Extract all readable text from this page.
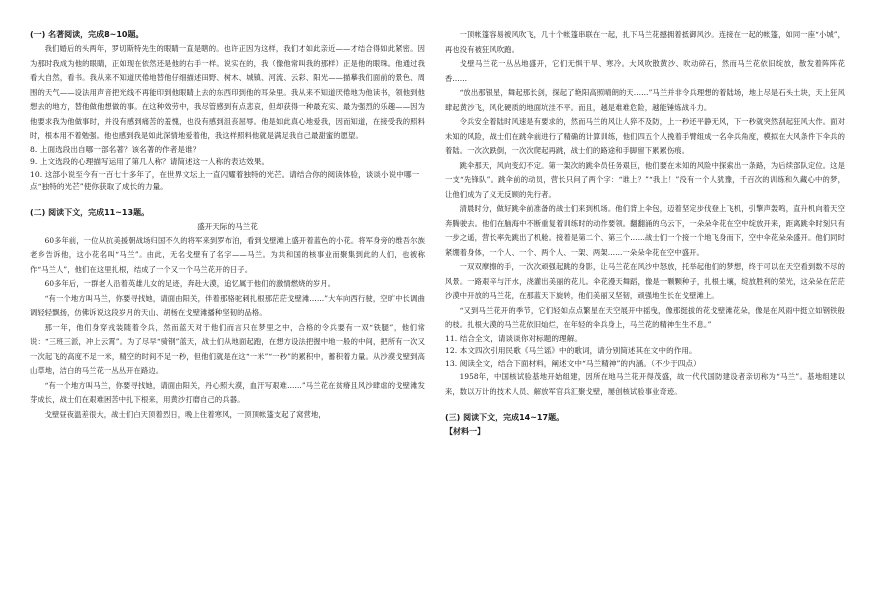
(一) 名著阅读，完成8~10题。

我们婚后的头两年，罗切斯特先生的眼睛一直是瞎的。也许正因为这样，我们才如此亲近——才结合得如此紧密。因为那时我成为他的眼睛，正如现在依然还是他的右手一样。说实在的，我（像他常叫我的那样）正是他的眼珠。他通过我看大自然，看书。我从来不知道厌倦地替他仔细描述田野、树木、城镇、河流、云彩、阳光——描摹我们面前的景色、周围的天气——设法用声音把光线不再能印到他眼睛上去的东西印到他的耳朵里。我从来不知道厌倦地为他读书，领他到他想去的地方，替他做他想做的事。在这种效劳中，我尽管感到有点悲哀，但却获得一种最充实、最为强烈的乐趣——因为他要求我为他做事时，并没有感到痛苦的羞愧，也没有感到沮丧屈辱。他是如此真心地爱我，因而知道，在接受我的照料时，根本用不着勉强。他也感到我是如此深情地爱着他，我这样照料他就是满足我自己最甜蜜的愿望。

8. 上面选段出自哪一部名著？该名著的作者是谁？

9. 上文选段的心理描写运用了第几人称？请简述这一人称的表达效果。

10. 这部小说至今有一百七十多年了，在世界文坛上一直闪耀着独特的光芒。请结合你的阅读体验，谈谈小说中哪一点“独特的光芒”使你获取了成长的力量。

(二) 阅读下文，完成11~13题。

盛开天际的马兰花

60多年前，一位从抗美援朝战场归国不久的将军来到罗布泊，看到戈壁滩上盛开着蓝色的小花。将军身旁的维吾尔族老乡告诉他，这小花名叫“马兰”。由此，无名戈壁有了名字——马兰。为共和国的核事业而聚集到此的人们，也被称作“马兰人”，他们在这里扎根，结成了一个又一个马兰花开的日子。

60多年后，一群老人沿着英雄儿女的足迹，奔赴大漠，追忆属于他们的激情燃烧的岁月。

“有一个地方叫马兰，你要寻找她，请面由阳关，伴着那骆驼刺扎根那茫茫戈壁滩……”大车向西行驶，空旷中长调曲调轻轻飘扬，仿佛诉说这段岁月的天山、胡杨在戈壁滩播种坚韧的品格。

那一年，他们身穿戎装随着令兵，然而蓝天对于他们而言只在梦里之中，合格的令兵要有一双“铁腿”，他们常说：“三班三派，冲上云霄”。为了尽早“骑钢”蓝天，战士们从地面起跑，在想方设法把握中地一般的中间，把所有一次又一次起飞的高度不足一米，精空的时间不足一秒，但他们就是在这“一米”“一秒”的累积中，蓄积着力量。从沙漠戈壁到高山草地，洁白的马兰花一丛丛开在路边。

“有一个地方叫马兰，你要寻找她，请面由阳关，丹心照大漠，血汗写艰难……”马兰花在贫瘠且风沙肆虐的戈壁滩发芽成长，战士们在艰难困苦中扎下根来，用黄沙打磨自己的兵器。

戈壁昼夜温差很大，战士们白天顶着烈日，晚上住着寒风，一顶顶帐篷支起了窝营地，

一顶帐篷容易被风吹飞，几十个帐篷串联在一起，扎下马兰花撼拥着抵御风沙。连接在一起的帐篷，如同一座“小城”，再也没有被狂风吹跑。

戈壁马兰花一丛丛地盛开，它们无惧干旱、寒冷。大风吹散黄沙、吹动碎石，然而马兰花依旧绽放，散发着阵阵花香……

“放出那银星，舞起那长剑，探起了艳阳高照晴朗的天……”马兰并非令兵理想的着陆场，地上尽是石头土块，天上狂风肆起黄沙飞，风化硬质的地面坑洼不平。而且，越是难难危险，越能锤炼战斗力。

令兵安全着陆时风速是有要求的，然而马兰的风让人猝不及防，上一秒还平静无风，下一秒就突然刮起狂风大作。面对未知的风险，战士们在跳伞前进行了精确的计算训练，他们四五个人挽着手臂组成一名伞兵角度，模拟在大风条件下伞兵的着陆。一次次跌倒，一次次爬起再跳，战士们的路途和手脚留下累累伤痕。

跳伞那天，风向变幻不定。第一架次的跳伞员任务艰巨，他们要在未知的风险中探索出一条路，为后续部队定位。这是一支“先锋队”。跳伞前的动员，营长只问了两个字：“谁上？”“我上！”没有一个人犹豫，千百次的训练和久藏心中的梦，让他们成为了义无反顾的先行者。

清晨时分，做好跳伞前准备的战士们来到机场。他们背上伞包，迈着坚定步伐登上飞机，引擎声轰鸣，直升机向着天空奔腾驶去。他们在脑海中不断重复着训练时的动作要领。翻翻涌的乌云下，一朵朵伞花在空中绽放开来，距离跳伞时刻只有一步之遥，营长率先跳出了机舱。接着是第二个、第三个……战士们一个接一个地飞身而下，空中伞花朵朵盛开。他们同时紧绷着身体，一个人、一个、两个人、一架、两架……一朵朵伞花在空中盛开。

一双双摩擦的手，一次次顽强起跳的身影，让马兰花在风沙中怒放，托举起他们的梦想，终于可以在天空看到数不尽的风景。一路艰辛与汗水，浇灌出美丽的花儿。伞花漫天舞蹈，像是一颗颗种子，扎根土壤，绽放胜利的荣光，这朵朵在茫茫沙漠中开放的马兰花，在那蓝天下旋转，他们美丽又坚韧，顽强地生长在戈壁滩上。

“又到马兰花开的季节，它们轻如点点繁星在天空展开中摇曳，像那挺拔的花戈壁滩花朵，像是在风雨中挺立如钢铁般的枝。扎根大漠的马兰花依旧灿烂，在年轻的伞兵身上，马兰花的精神生生不息。”

11. 结合全文，请谈谈你对标题的理解。

12. 本文四次引用民歌《马兰谣》中的歌词，请分别简述其在文中的作用。

13. 阅读全文，结合下面材料，阐述文中“马兰精神”的内涵。（不少于四点）

1958年，中国核试验基地开始组建，因所在地马兰花开得茂盛，故一代代国防建设者亲切称为“马兰”。基地组建以来，数以万计的技术人员、解放军官兵汇聚戈壁，屡创核试验事业奇迹。

(三) 阅读下文，完成14~17题。

【材料一】
